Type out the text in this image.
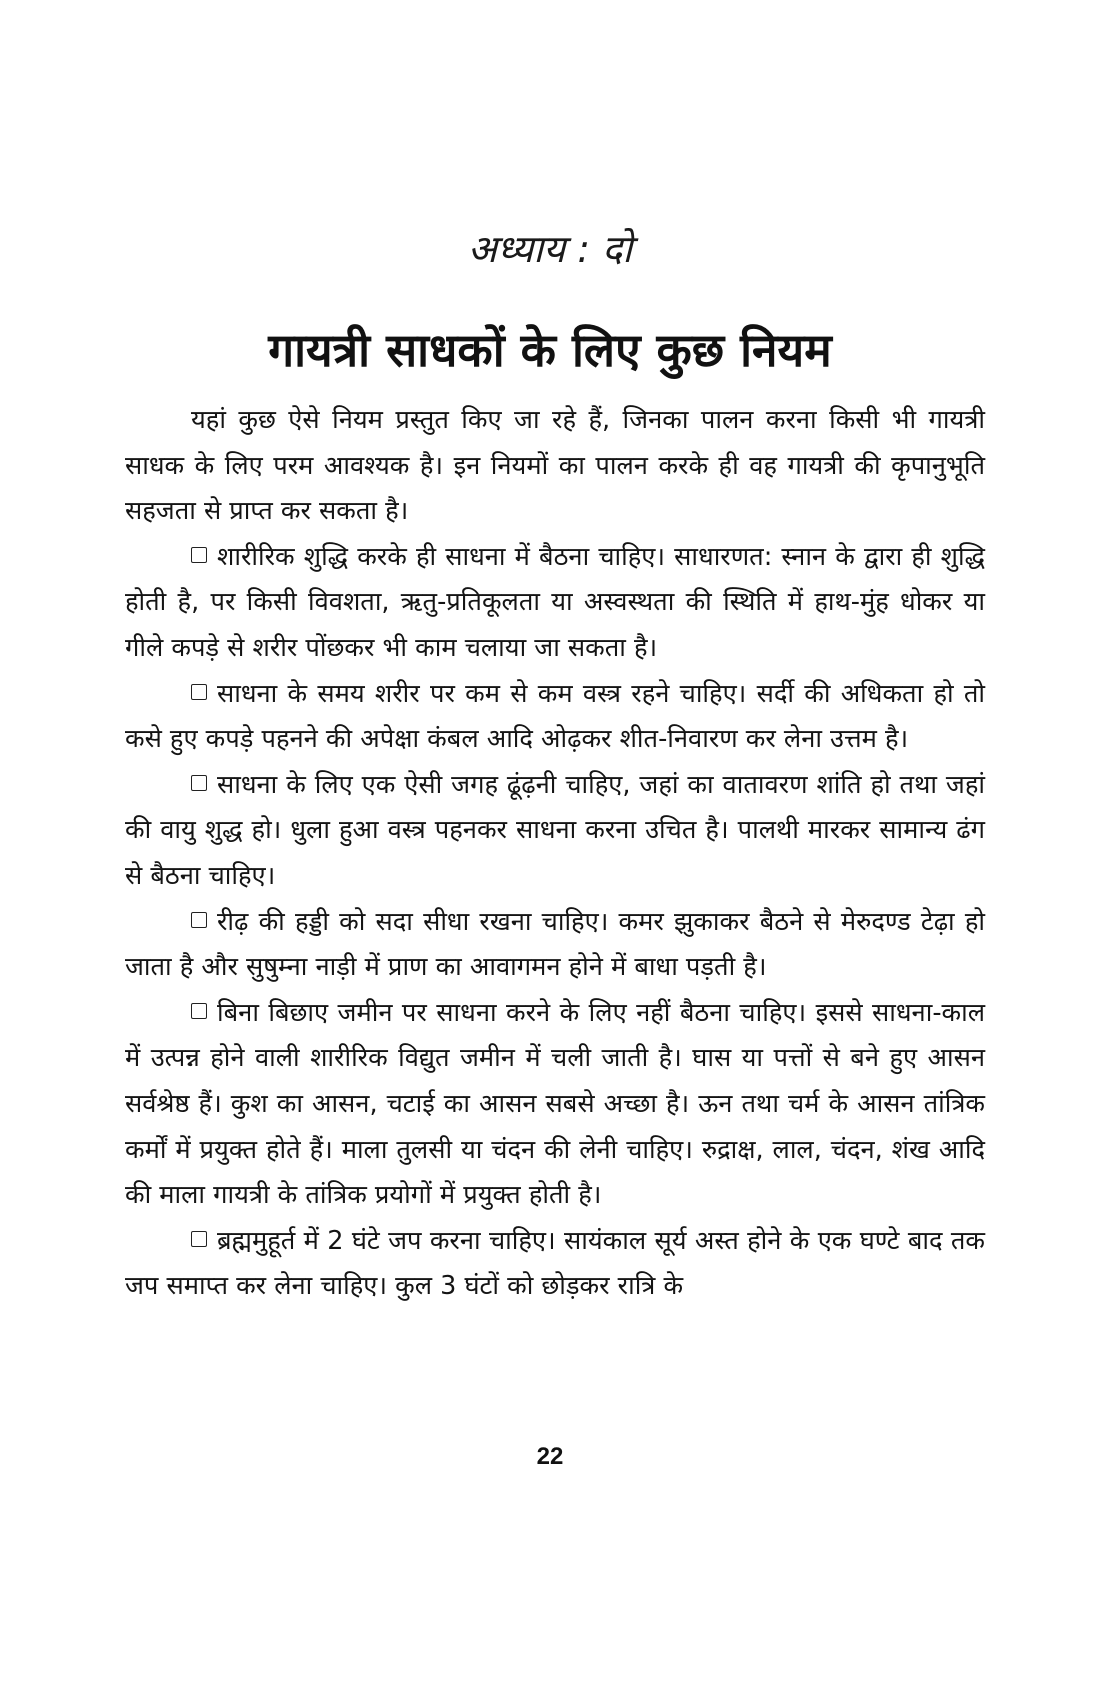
अध्याय : दो
गायत्री साधकों के लिए कुछ नियम

यहां कुछ ऐसे नियम प्रस्तुत किए जा रहे हैं, जिनका पालन करना किसी भी गायत्री साधक के लिए परम आवश्यक है। इन नियमों का पालन करके ही वह गायत्री की कृपानुभूति सहजता से प्राप्त कर सकता है।

शारीरिक शुद्धि करके ही साधना में बैठना चाहिए। साधारणत: स्नान के द्वारा ही शुद्धि होती है, पर किसी विवशता, ऋतु-प्रतिकूलता या अस्वस्थता की स्थिति में हाथ-मुंह धोकर या गीले कपड़े से शरीर पोंछकर भी काम चलाया जा सकता है।

साधना के समय शरीर पर कम से कम वस्त्र रहने चाहिए। सर्दी की अधिकता हो तो कसे हुए कपड़े पहनने की अपेक्षा कंबल आदि ओढ़कर शीत-निवारण कर लेना उत्तम है।

साधना के लिए एक ऐसी जगह ढूंढ़नी चाहिए, जहां का वातावरण शांति हो तथा जहां की वायु शुद्ध हो। धुला हुआ वस्त्र पहनकर साधना करना उचित है। पालथी मारकर सामान्य ढंग से बैठना चाहिए।

रीढ़ की हड्डी को सदा सीधा रखना चाहिए। कमर झुकाकर बैठने से मेरुदण्ड टेढ़ा हो जाता है और सुषुम्ना नाड़ी में प्राण का आवागमन होने में बाधा पड़ती है।

बिना बिछाए जमीन पर साधना करने के लिए नहीं बैठना चाहिए। इससे साधना-काल में उत्पन्न होने वाली शारीरिक विद्युत जमीन में चली जाती है। घास या पत्तों से बने हुए आसन सर्वश्रेष्ठ हैं। कुश का आसन, चटाई का आसन सबसे अच्छा है। ऊन तथा चर्म के आसन तांत्रिक कर्मों में प्रयुक्त होते हैं। माला तुलसी या चंदन की लेनी चाहिए। रुद्राक्ष, लाल, चंदन, शंख आदि की माला गायत्री के तांत्रिक प्रयोगों में प्रयुक्त होती है।

ब्रह्ममुहूर्त में 2 घंटे जप करना चाहिए। सायंकाल सूर्य अस्त होने के एक घण्टे बाद तक जप समाप्त कर लेना चाहिए। कुल 3 घंटों को छोड़कर रात्रि के

22
